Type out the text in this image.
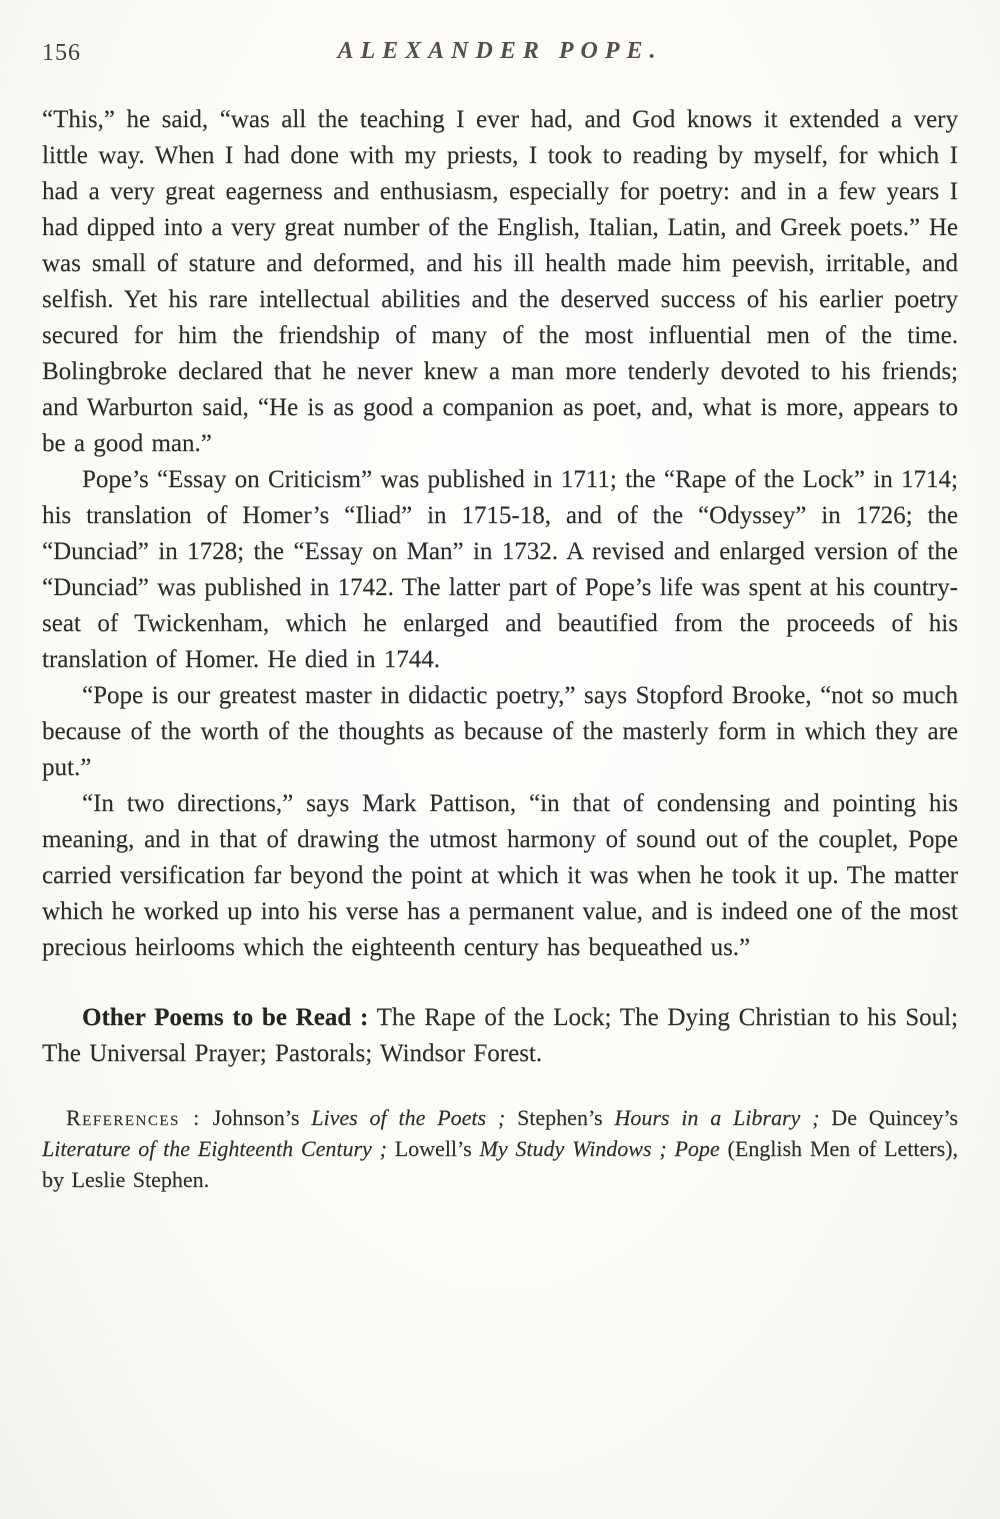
156	ALEXANDER POPE.

“This,” he said, “was all the teaching I ever had, and God knows it extended a very little way. When I had done with my priests, I took to reading by myself, for which I had a very great eagerness and enthusiasm, especially for poetry: and in a few years I had dipped into a very great number of the English, Italian, Latin, and Greek poets.” He was small of stature and deformed, and his ill health made him peevish, irritable, and selfish. Yet his rare intellectual abilities and the deserved success of his earlier poetry secured for him the friendship of many of the most influential men of the time. Bolingbroke declared that he never knew a man more tenderly devoted to his friends; and Warburton said, “He is as good a companion as poet, and, what is more, appears to be a good man.”

Pope’s “Essay on Criticism” was published in 1711; the “Rape of the Lock” in 1714; his translation of Homer’s “Iliad” in 1715-18, and of the “Odyssey” in 1726; the “Dunciad” in 1728; the “Essay on Man” in 1732. A revised and enlarged version of the “Dunciad” was published in 1742. The latter part of Pope’s life was spent at his country-seat of Twickenham, which he enlarged and beautified from the proceeds of his translation of Homer. He died in 1744.

“Pope is our greatest master in didactic poetry,” says Stopford Brooke, “not so much because of the worth of the thoughts as because of the masterly form in which they are put.”

“In two directions,” says Mark Pattison, “in that of condensing and pointing his meaning, and in that of drawing the utmost harmony of sound out of the couplet, Pope carried versification far beyond the point at which it was when he took it up. The matter which he worked up into his verse has a permanent value, and is indeed one of the most precious heirlooms which the eighteenth century has bequeathed us.”

Other Poems to be Read : The Rape of the Lock; The Dying Christian to his Soul; The Universal Prayer; Pastorals; Windsor Forest.

References : Johnson’s Lives of the Poets ; Stephen’s Hours in a Library ; De Quincey’s Literature of the Eighteenth Century ; Lowell’s My Study Windows ; Pope (English Men of Letters), by Leslie Stephen.
